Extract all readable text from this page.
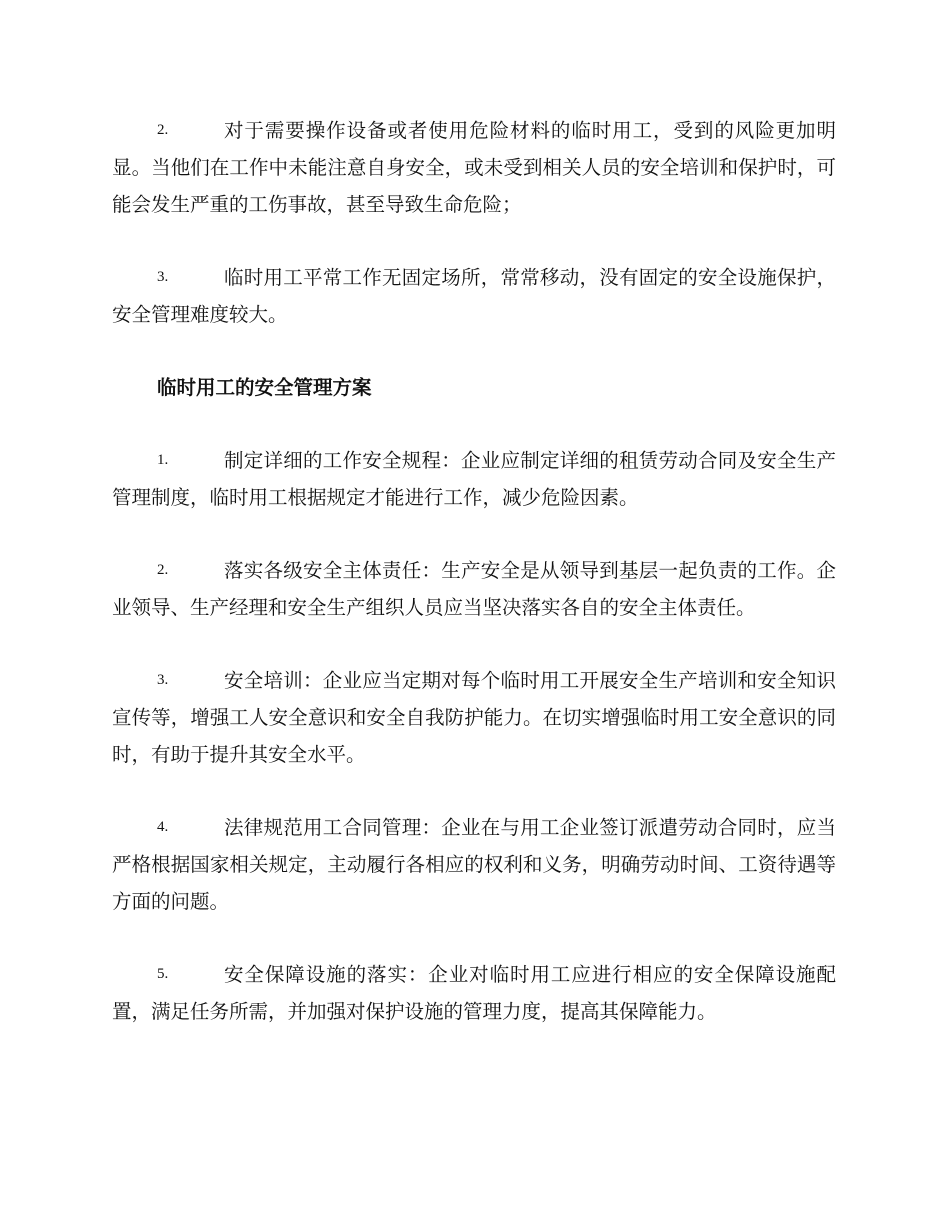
2.	对于需要操作设备或者使用危险材料的临时用工，受到的风险更加明显。当他们在工作中未能注意自身安全，或未受到相关人员的安全培训和保护时，可能会发生严重的工伤事故，甚至导致生命危险；

3.	临时用工平常工作无固定场所，常常移动，没有固定的安全设施保护，安全管理难度较大。

临时用工的安全管理方案

1.	制定详细的工作安全规程：企业应制定详细的租赁劳动合同及安全生产管理制度，临时用工根据规定才能进行工作，减少危险因素。

2.	落实各级安全主体责任：生产安全是从领导到基层一起负责的工作。企业领导、生产经理和安全生产组织人员应当坚决落实各自的安全主体责任。

3.	安全培训：企业应当定期对每个临时用工开展安全生产培训和安全知识宣传等，增强工人安全意识和安全自我防护能力。在切实增强临时用工安全意识的同时，有助于提升其安全水平。

4.	法律规范用工合同管理：企业在与用工企业签订派遣劳动合同时，应当严格根据国家相关规定，主动履行各相应的权利和义务，明确劳动时间、工资待遇等方面的问题。

5.	安全保障设施的落实：企业对临时用工应进行相应的安全保障设施配置，满足任务所需，并加强对保护设施的管理力度，提高其保障能力。
